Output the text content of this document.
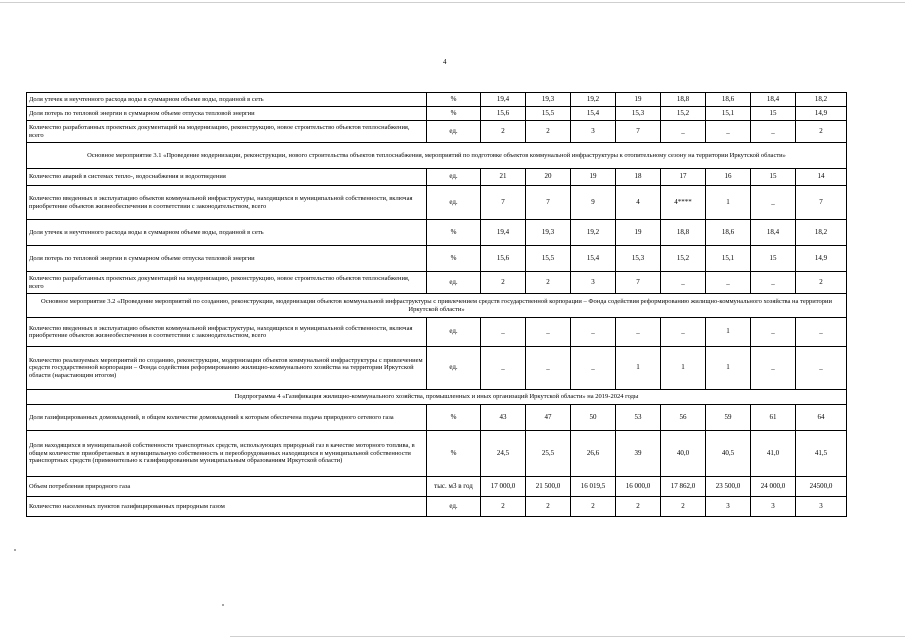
4
Доля утечек и неучтенного расхода воды в суммарном объеме воды, поданной в сеть	%	19,4	19,3	19,2	19	18,8	18,6	18,4	18,2
Доля потерь по тепловой энергии в суммарном объеме отпуска тепловой энергии	%	15,6	15,5	15,4	15,3	15,2	15,1	15	14,9
Количество разработанных проектных документаций на модернизацию, реконструкцию, новое строительство объектов теплоснабжения, всего	ед.	2	2	3	7	_	_	_	2
Основное мероприятие 3.1 «Проведение модернизации, реконструкции, нового строительства объектов теплоснабжения, мероприятий по подготовке объектов коммунальной инфраструктуры к отопительному сезону на территории Иркутской области»									
Количество аварий в системах тепло-, водоснабжения и водоотведения	ед.	21	20	19	18	17	16	15	14
Количество введенных в эксплуатацию объектов коммунальной инфраструктуры, находящихся в муниципальной собственности, включая приобретение объектов жизнеобеспечения в соответствии с законодательством, всего	ед.	7	7	9	4	4****	1	_	7
Доля утечек и неучтенного расхода воды в суммарном объеме воды, поданной в сеть	%	19,4	19,3	19,2	19	18,8	18,6	18,4	18,2
Доля потерь по тепловой энергии в суммарном объеме отпуска тепловой энергии	%	15,6	15,5	15,4	15,3	15,2	15,1	15	14,9
Количество разработанных проектных документаций на модернизацию, реконструкцию, новое строительство объектов теплоснабжения, всего	ед.	2	2	3	7	_	_	_	2
Основное мероприятие 3.2 «Проведение мероприятий по созданию, реконструкции, модернизации объектов коммунальной инфраструктуры с привлечением средств государственной корпорации – Фонда содействия реформированию жилищно-коммунального хозяйства на территории Иркутской области»									
Количество введенных в эксплуатацию объектов коммунальной инфраструктуры, находящихся в муниципальной собственности, включая приобретение объектов жизнеобеспечения в соответствии с законодательством, всего	ед.	_	_	_	_	_	1	_	_
Количество реализуемых мероприятий по созданию, реконструкции, модернизации объектов коммунальной инфраструктуры с привлечением средств государственной корпорации – Фонда содействия реформированию жилищно-коммунального хозяйства на территории Иркутской области (нарастающим итогом)	ед.	_	_	_	1	1	1	_	_
Подпрограмма 4 «Газификация жилищно-коммунального хозяйства, промышленных и иных организаций Иркутской области» на 2019-2024 годы									
Доля газифицированных домовладений, в общем количестве домовладений к которым обеспечена подача природного сетевого газа	%	43	47	50	53	56	59	61	64
Доля находящихся в муниципальной собственности транспортных средств, использующих природный газ в качестве моторного топлива, в общем количестве приобретаемых в муниципальную собственность и переоборудованных находящихся в муниципальной собственности транспортных средств (применительно к газифицированным муниципальным образованиям Иркутской области)	%	24,5	25,5	26,6	39	40,0	40,5	41,0	41,5
Объем потребления природного газа	тыс. м3 в год	17 000,0	21 500,0	16 019,5	16 000,0	17 862,0	23 500,0	24 000,0	24500,0
Количество населенных пунктов газифицированных природным газом	ед.	2	2	2	2	2	3	3	3
